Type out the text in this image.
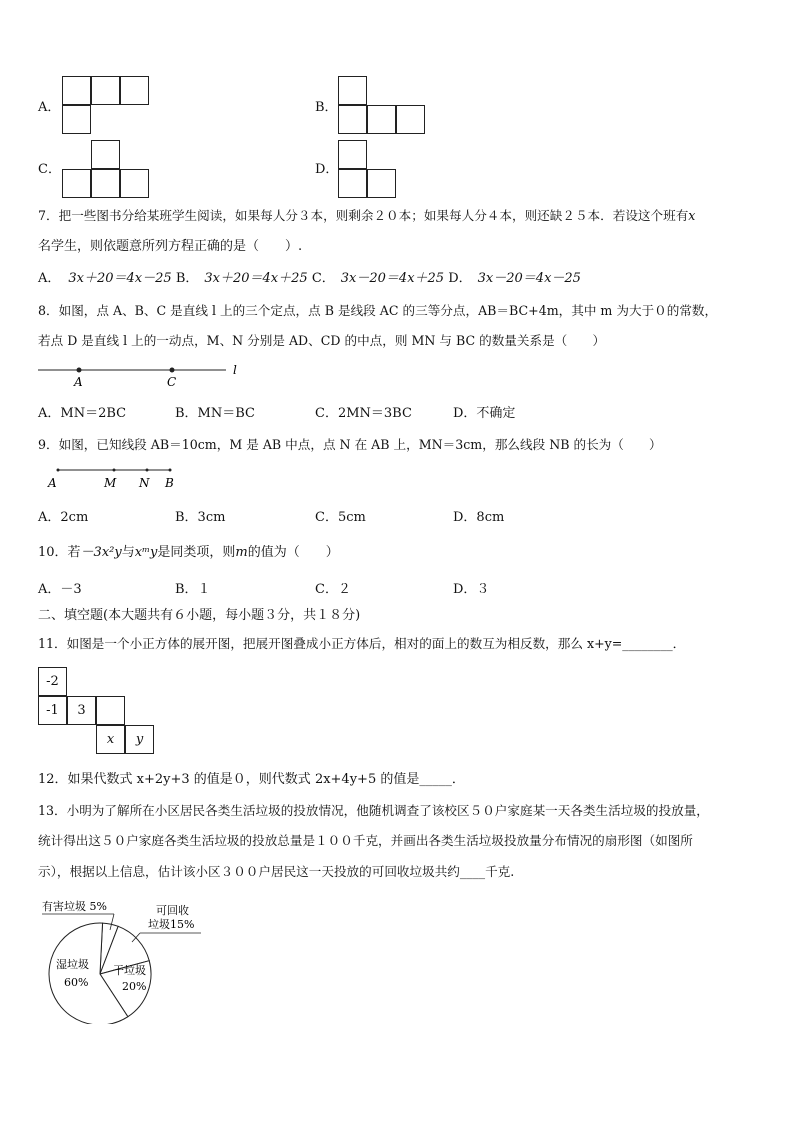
A．	B．
C．	D．
7．把一些图书分给某班学生阅读，如果每人分３本，则剩余２０本；如果每人分４本，则还缺２５本．若设这个班有x
名学生，则依题意所列方程正确的是（　　）.
A． 3x＋20＝4x－25 B． 3x＋20＝4x＋25 C． 3x－20＝4x＋25 D． 3x－20＝4x－25
8．如图，点 A、B、C 是直线 l 上的三个定点，点 B 是线段 AC 的三等分点，AB＝BC+4m，其中 m 为大于０的常数，
若点 D 是直线 l 上的一动点，M、N 分别是 AD、CD 的中点，则 MN 与 BC 的数量关系是（　　）
A	C
l
A．MN＝2BC	B．MN＝BC	C．2MN＝3BC	D．不确定
9．如图，已知线段 AB＝10cm，M 是 AB 中点，点 N 在 AB 上，MN＝3cm，那么线段 NB 的长为（　　）
A	M N B
A．2cm	B．3cm	C．5cm	D．8cm
10．若－3x²y与xᵐy是同类项，则m的值为（　　）
A．－3	B．１	C．２	D．３
二、填空题(本大题共有６小题，每小题３分，共１８分)
11．如图是一个小正方体的展开图，把展开图叠成小正方体后，相对的面上的数互为相反数，那么 x+y=________．
-2
-1	3
x	y
12．如果代数式 x+2y+3 的值是０，则代数式 2x+4y+5 的值是_____．
13．小明为了解所在小区居民各类生活垃圾的投放情况，他随机调查了该校区５０户家庭某一天各类生活垃圾的投放量，
统计得出这５０户家庭各类生活垃圾的投放总量是１００千克，并画出各类生活垃圾投放量分布情况的扇形图（如图所
示），根据以上信息，估计该小区３００户居民这一天投放的可回收垃圾共约____千克.
有害垃圾 5%	可回收
垃圾15%
湿垃圾
60%
干垃圾
20%
